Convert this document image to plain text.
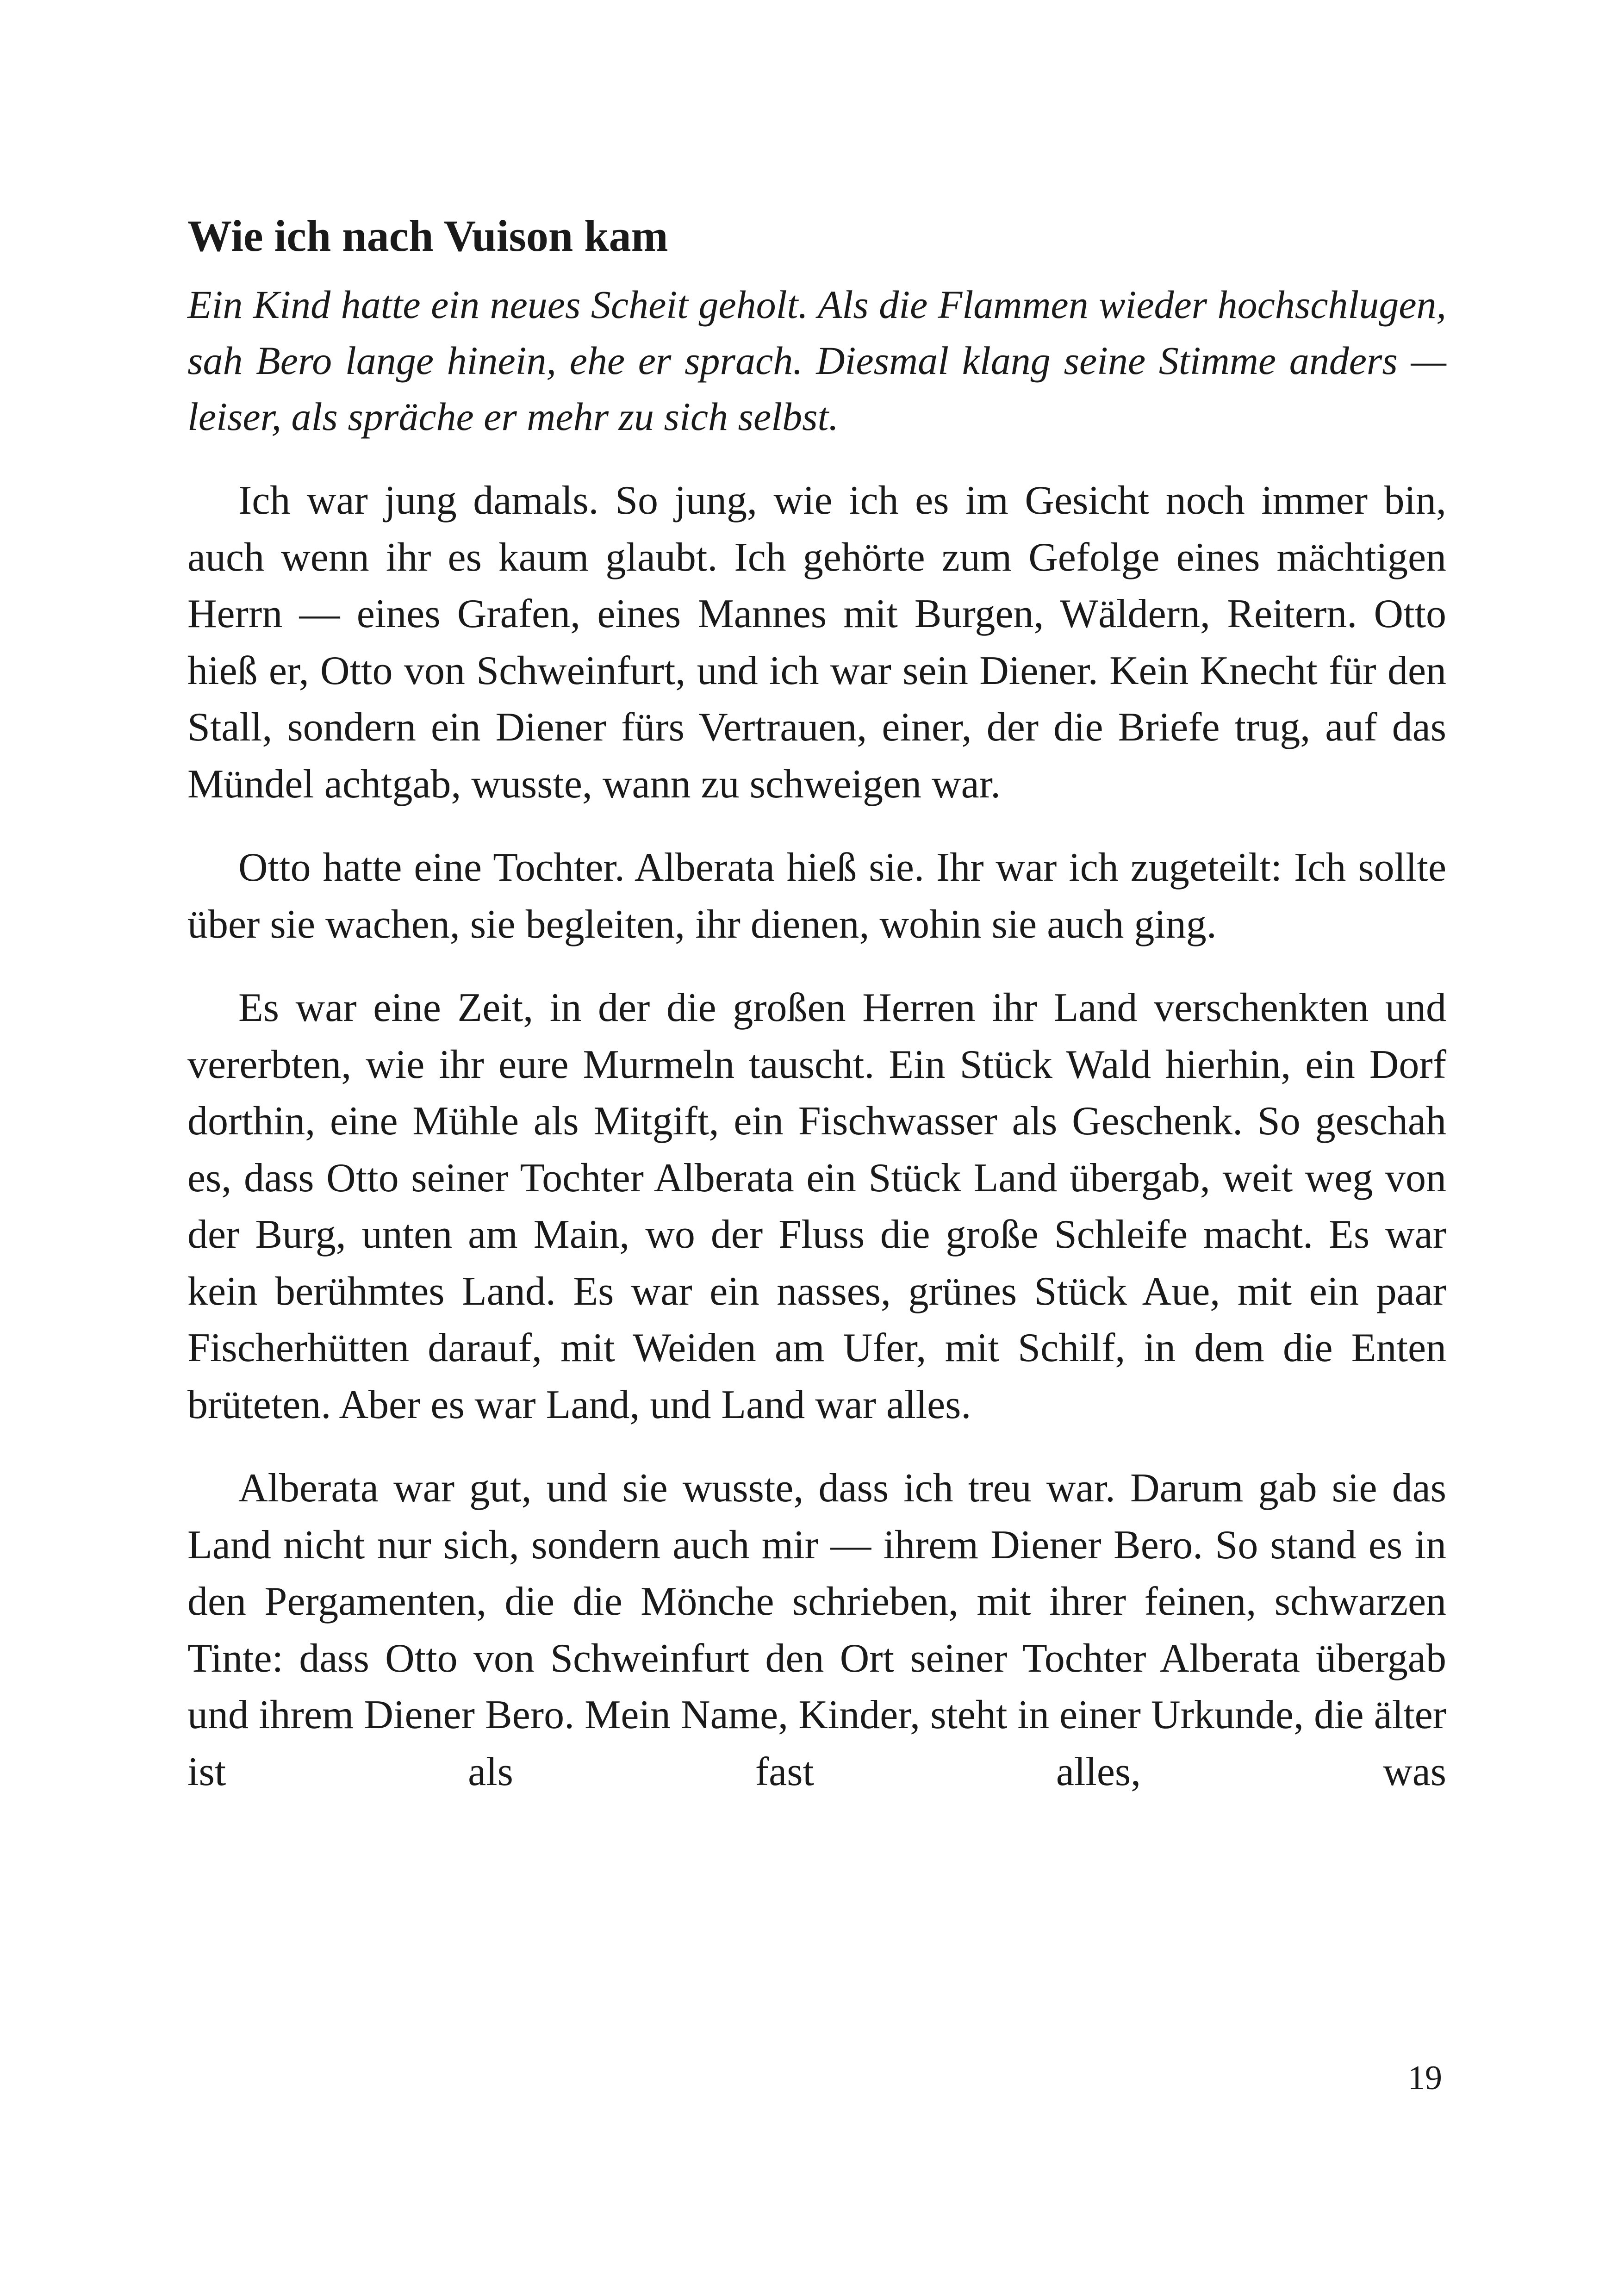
Wie ich nach Vuison kam

Ein Kind hatte ein neues Scheit geholt. Als die Flammen wieder hochschlugen, sah Bero lange hinein, ehe er sprach. Diesmal klang seine Stimme anders — leiser, als spräche er mehr zu sich selbst.

Ich war jung damals. So jung, wie ich es im Gesicht noch immer bin, auch wenn ihr es kaum glaubt. Ich gehörte zum Gefolge eines mächtigen Herrn — eines Grafen, eines Mannes mit Burgen, Wäldern, Reitern. Otto hieß er, Otto von Schweinfurt, und ich war sein Diener. Kein Knecht für den Stall, sondern ein Diener fürs Vertrauen, einer, der die Briefe trug, auf das Mündel achtgab, wusste, wann zu schweigen war.

Otto hatte eine Tochter. Alberata hieß sie. Ihr war ich zugeteilt: Ich sollte über sie wachen, sie begleiten, ihr dienen, wohin sie auch ging.

Es war eine Zeit, in der die großen Herren ihr Land verschenkten und vererbten, wie ihr eure Murmeln tauscht. Ein Stück Wald hierhin, ein Dorf dorthin, eine Mühle als Mitgift, ein Fischwasser als Geschenk. So geschah es, dass Otto seiner Tochter Alberata ein Stück Land übergab, weit weg von der Burg, unten am Main, wo der Fluss die große Schleife macht. Es war kein berühmtes Land. Es war ein nasses, grünes Stück Aue, mit ein paar Fischerhütten darauf, mit Weiden am Ufer, mit Schilf, in dem die Enten brüteten. Aber es war Land, und Land war alles.

Alberata war gut, und sie wusste, dass ich treu war. Darum gab sie das Land nicht nur sich, sondern auch mir — ihrem Diener Bero. So stand es in den Pergamenten, die die Mönche schrieben, mit ihrer feinen, schwarzen Tinte: dass Otto von Schweinfurt den Ort seiner Tochter Alberata übergab und ihrem Diener Bero. Mein Name, Kinder, steht in einer Urkunde, die älter ist als fast alles, was

19
